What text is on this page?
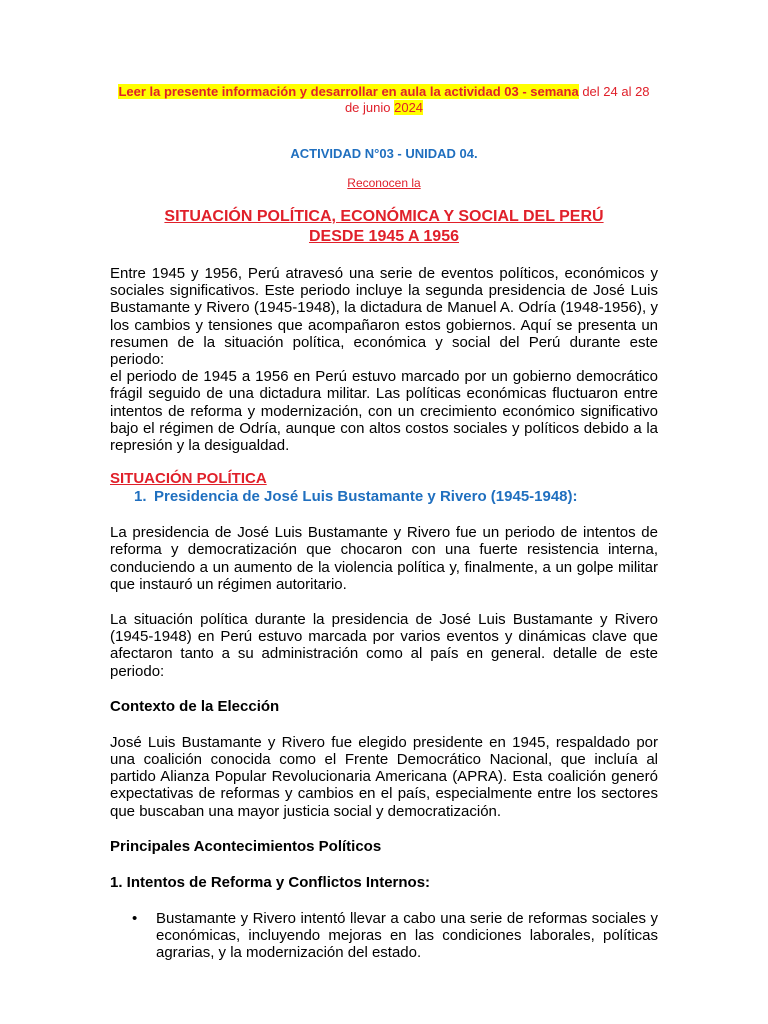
Leer la presente información y desarrollar en aula la actividad 03 - semana del 24 al 28 de junio 2024

ACTIVIDAD N°03 - UNIDAD 04.

Reconocen la

SITUACIÓN POLÍTICA, ECONÓMICA Y SOCIAL DEL PERÚ
DESDE 1945 A 1956

Entre 1945 y 1956, Perú atravesó una serie de eventos políticos, económicos y sociales significativos. Este periodo incluye la segunda presidencia de José Luis Bustamante y Rivero (1945-1948), la dictadura de Manuel A. Odría (1948-1956), y los cambios y tensiones que acompañaron estos gobiernos. Aquí se presenta un resumen de la situación política, económica y social del Perú durante este periodo:

el periodo de 1945 a 1956 en Perú estuvo marcado por un gobierno democrático frágil seguido de una dictadura militar. Las políticas económicas fluctuaron entre intentos de reforma y modernización, con un crecimiento económico significativo bajo el régimen de Odría, aunque con altos costos sociales y políticos debido a la represión y la desigualdad.

SITUACIÓN POLÍTICA
1. Presidencia de José Luis Bustamante y Rivero (1945-1948):

La presidencia de José Luis Bustamante y Rivero fue un periodo de intentos de reforma y democratización que chocaron con una fuerte resistencia interna, conduciendo a un aumento de la violencia política y, finalmente, a un golpe militar que instauró un régimen autoritario.

La situación política durante la presidencia de José Luis Bustamante y Rivero (1945-1948) en Perú estuvo marcada por varios eventos y dinámicas clave que afectaron tanto a su administración como al país en general. detalle de este periodo:

Contexto de la Elección

José Luis Bustamante y Rivero fue elegido presidente en 1945, respaldado por una coalición conocida como el Frente Democrático Nacional, que incluía al partido Alianza Popular Revolucionaria Americana (APRA). Esta coalición generó expectativas de reformas y cambios en el país, especialmente entre los sectores que buscaban una mayor justicia social y democratización.

Principales Acontecimientos Políticos
1. Intentos de Reforma y Conflictos Internos:
• Bustamante y Rivero intentó llevar a cabo una serie de reformas sociales y económicas, incluyendo mejoras en las condiciones laborales, políticas agrarias, y la modernización del estado.
